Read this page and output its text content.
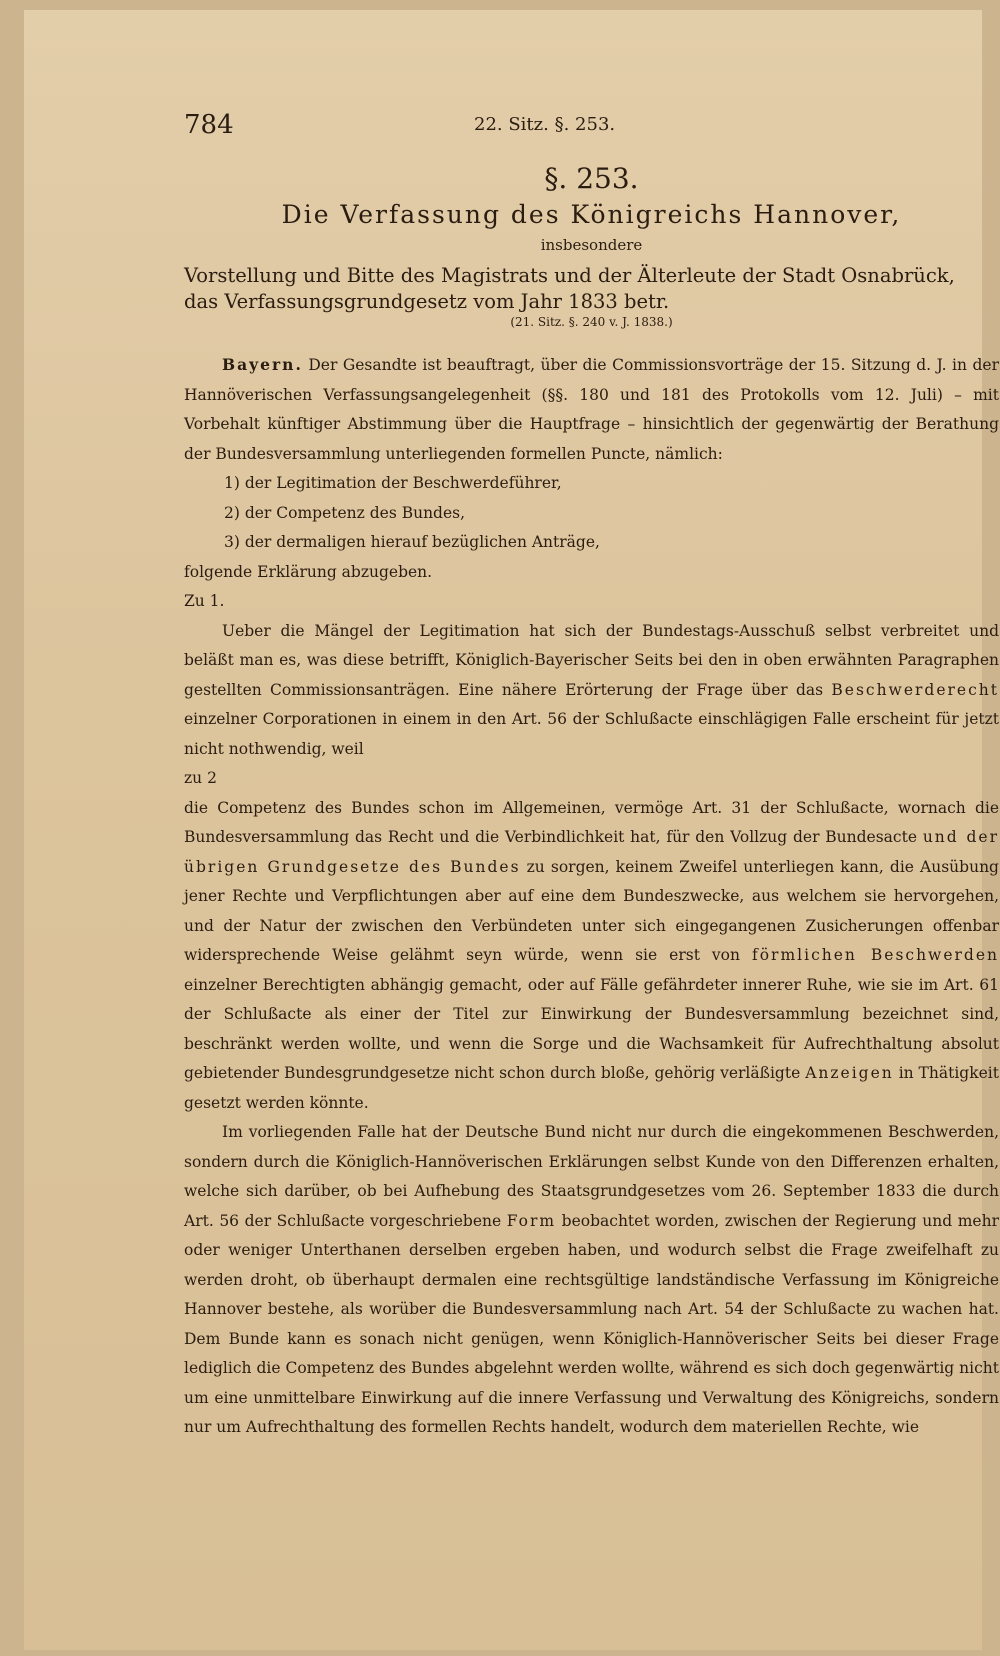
784	22. Sitz. §. 253.
§. 253.
Die Verfassung des Königreichs Hannover,
insbesondere
Vorstellung und Bitte des Magistrats und der Älterleute der Stadt Osnabrück,
das Verfassungsgrundgesetz vom Jahr 1833 betr.
(21. Sitz. §. 240 v. J. 1838.)

Bayern. Der Gesandte ist beauftragt, über die Commissionsvorträge der 15. Sitzung d. J. in der Hannöverischen Verfassungsangelegenheit (§§. 180 und 181 des Protokolls vom 12. Juli) – mit Vorbehalt künftiger Abstimmung über die Hauptfrage – hinsichtlich der gegenwärtig der Berathung der Bundesversammlung unterliegenden formellen Puncte, nämlich:

1) der Legitimation der Beschwerdeführer,

2) der Competenz des Bundes,

3) der dermaligen hierauf bezüglichen Anträge,

folgende Erklärung abzugeben.

Zu 1.

Ueber die Mängel der Legitimation hat sich der Bundestags-Ausschuß selbst verbreitet und beläßt man es, was diese betrifft, Königlich-Bayerischer Seits bei den in oben erwähnten Paragraphen gestellten Commissionsanträgen. Eine nähere Erörterung der Frage über das Beschwerderecht einzelner Corporationen in einem in den Art. 56 der Schlußacte einschlägigen Falle erscheint für jetzt nicht nothwendig, weil

zu 2

die Competenz des Bundes schon im Allgemeinen, vermöge Art. 31 der Schlußacte, wornach die Bundesversammlung das Recht und die Verbindlichkeit hat, für den Vollzug der Bundesacte und der übrigen Grundgesetze des Bundes zu sorgen, keinem Zweifel unterliegen kann, die Ausübung jener Rechte und Verpflichtungen aber auf eine dem Bundeszwecke, aus welchem sie hervorgehen, und der Natur der zwischen den Verbündeten unter sich eingegangenen Zusicherungen offenbar widersprechende Weise gelähmt seyn würde, wenn sie erst von förmlichen Beschwerden einzelner Berechtigten abhängig gemacht, oder auf Fälle gefährdeter innerer Ruhe, wie sie im Art. 61 der Schlußacte als einer der Titel zur Einwirkung der Bundesversammlung bezeichnet sind, beschränkt werden wollte, und wenn die Sorge und die Wachsamkeit für Aufrechthaltung absolut gebietender Bundesgrundgesetze nicht schon durch bloße, gehörig verläßigte Anzeigen in Thätigkeit gesetzt werden könnte.

Im vorliegenden Falle hat der Deutsche Bund nicht nur durch die eingekommenen Beschwerden, sondern durch die Königlich-Hannöverischen Erklärungen selbst Kunde von den Differenzen erhalten, welche sich darüber, ob bei Aufhebung des Staatsgrundgesetzes vom 26. September 1833 die durch Art. 56 der Schlußacte vorgeschriebene Form beobachtet worden, zwischen der Regierung und mehr oder weniger Unterthanen derselben ergeben haben, und wodurch selbst die Frage zweifelhaft zu werden droht, ob überhaupt dermalen eine rechtsgültige landständische Verfassung im Königreiche Hannover bestehe, als worüber die Bundesversammlung nach Art. 54 der Schlußacte zu wachen hat. Dem Bunde kann es sonach nicht genügen, wenn Königlich-Hannöverischer Seits bei dieser Frage lediglich die Competenz des Bundes abgelehnt werden wollte, während es sich doch gegenwärtig nicht um eine unmittelbare Einwirkung auf die innere Verfassung und Verwaltung des Königreichs, sondern nur um Aufrechthaltung des formellen Rechts handelt, wodurch dem materiellen Rechte, wie
